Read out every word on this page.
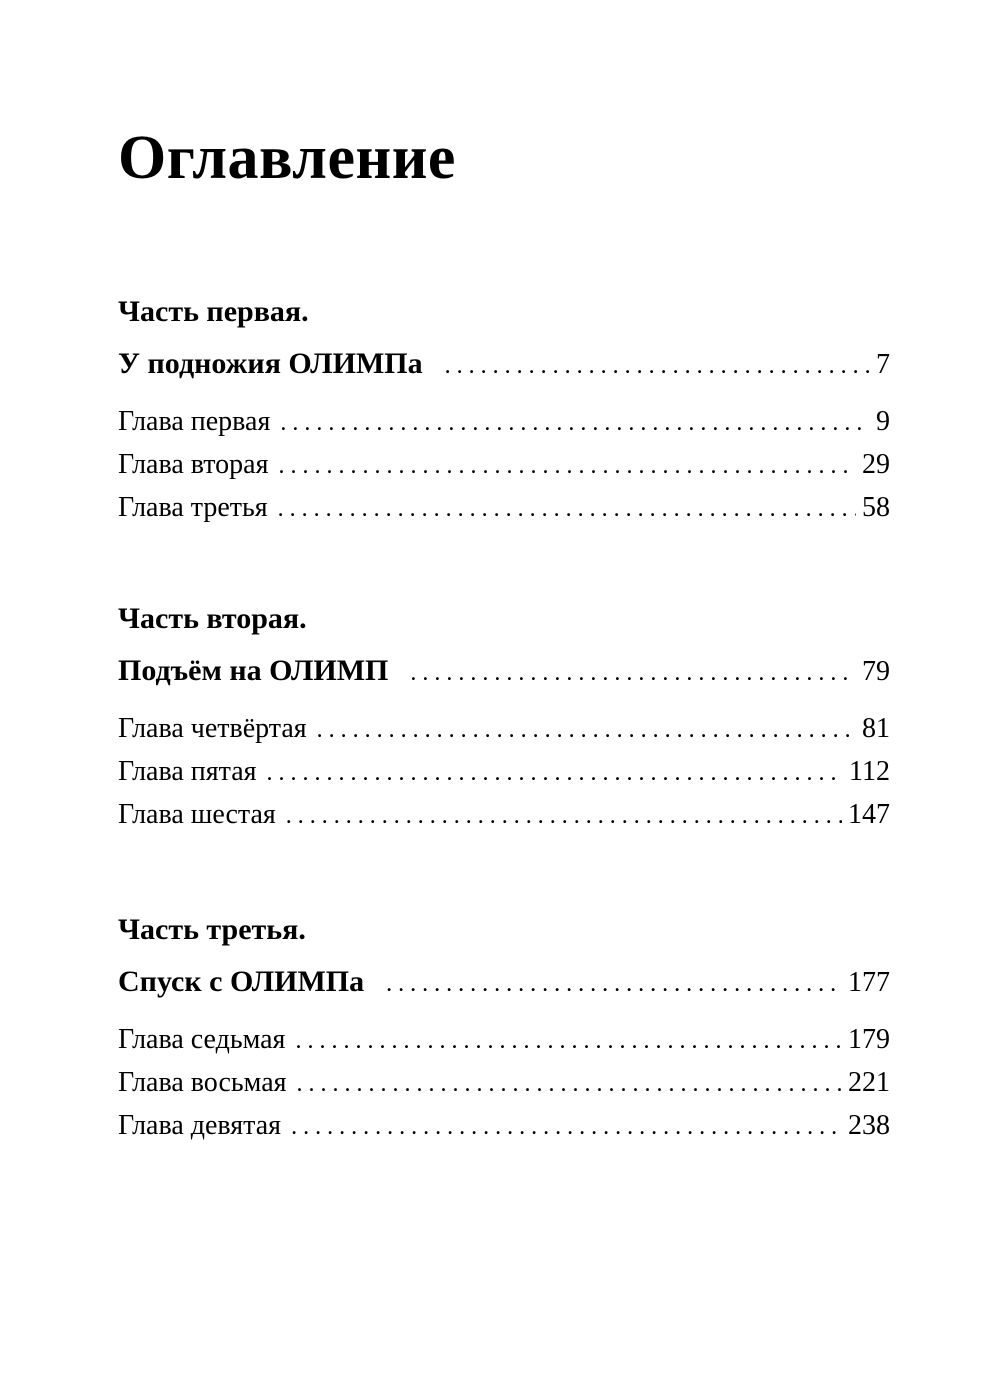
Оглавление

Часть первая.

У подножия ОЛИМПа . . .	7
Глава первая . . .	9
Глава вторая . . .	29
Глава третья . . .	58

Часть вторая.

Подъём на ОЛИМП . . .	79
Глава четвёртая . . .	81
Глава пятая . . .	112
Глава шестая . . .	147

Часть третья.

Спуск с ОЛИМПа . . .	177
Глава седьмая . . .	179
Глава восьмая . . .	221
Глава девятая . . .	238
